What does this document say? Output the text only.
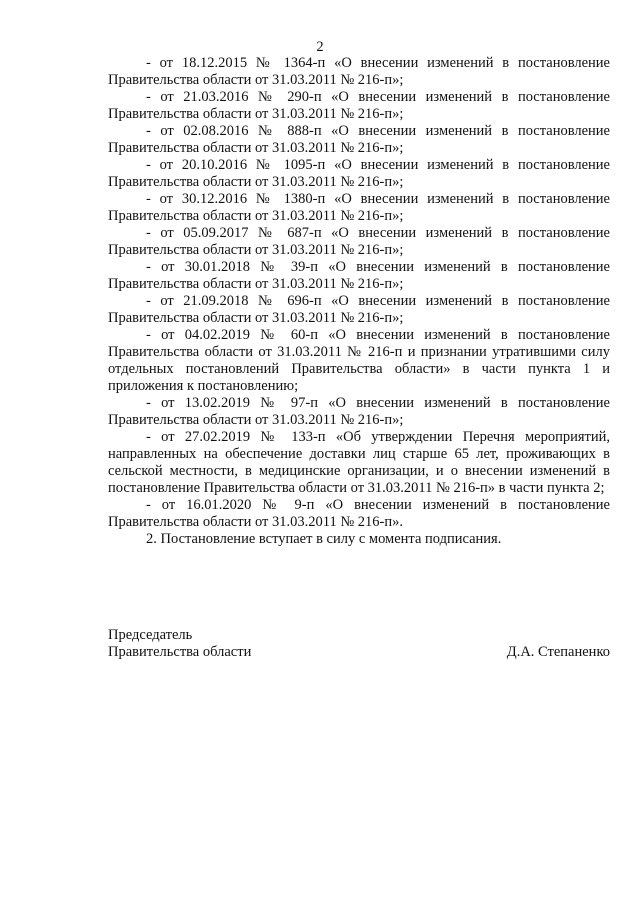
2

- от 18.12.2015 № 1364-п «О внесении изменений в постановление Правительства области от 31.03.2011 № 216-п»;

- от 21.03.2016 № 290-п «О внесении изменений в постановление Правительства области от 31.03.2011 № 216-п»;

- от 02.08.2016 № 888-п «О внесении изменений в постановление Правительства области от 31.03.2011 № 216-п»;

- от 20.10.2016 № 1095-п «О внесении изменений в постановление Правительства области от 31.03.2011 № 216-п»;

- от 30.12.2016 № 1380-п «О внесении изменений в постановление Правительства области от 31.03.2011 № 216-п»;

- от 05.09.2017 № 687-п «О внесении изменений в постановление Правительства области от 31.03.2011 № 216-п»;

- от 30.01.2018 № 39-п «О внесении изменений в постановление Правительства области от 31.03.2011 № 216-п»;

- от 21.09.2018 № 696-п «О внесении изменений в постановление Правительства области от 31.03.2011 № 216-п»;

- от 04.02.2019 № 60-п «О внесении изменений в постановление Правительства области от 31.03.2011 № 216-п и признании утратившими силу отдельных постановлений Правительства области» в части пункта 1 и приложения к постановлению;

- от 13.02.2019 № 97-п «О внесении изменений в постановление Правительства области от 31.03.2011 № 216-п»;

- от 27.02.2019 № 133-п «Об утверждении Перечня мероприятий, направленных на обеспечение доставки лиц старше 65 лет, проживающих в сельской местности, в медицинские организации, и о внесении изменений в постановление Правительства области от 31.03.2011 № 216-п» в части пункта 2;

- от 16.01.2020 № 9-п «О внесении изменений в постановление Правительства области от 31.03.2011 № 216-п».

2. Постановление вступает в силу с момента подписания.

Председатель
Правительства области	Д.А. Степаненко
